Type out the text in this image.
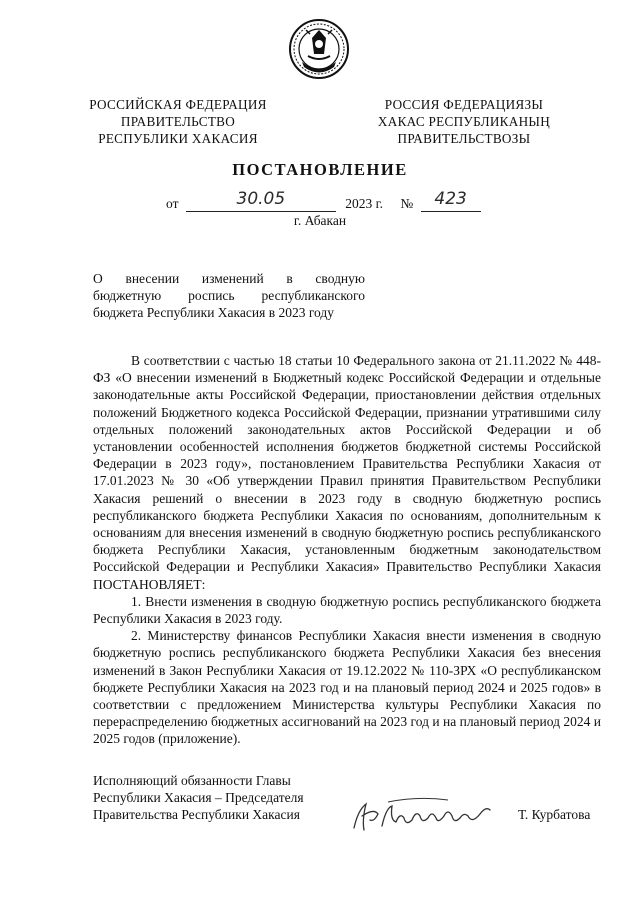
РОССИЙСКАЯ ФЕДЕРАЦИЯ
ПРАВИТЕЛЬСТВО
РЕСПУБЛИКИ ХАКАСИЯ
РОССИЯ ФЕДЕРАЦИЯЗЫ
ХАКАС РЕСПУБЛИКАНЫҢ
ПРАВИТЕЛЬСТВОЗЫ
ПОСТАНОВЛЕНИЕ
от	30.05	2023 г. № 423
г. Абакан
О внесении изменений в сводную
бюджетную роспись республиканского
бюджета Республики Хакасия в 2023 году

В соответствии с частью 18 статьи 10 Федерального закона от 21.11.2022 № 448-ФЗ «О внесении изменений в Бюджетный кодекс Российской Федерации и отдельные законодательные акты Российской Федерации, приостановлении действия отдельных положений Бюджетного кодекса Российской Федерации, признании утратившими силу отдельных положений законодательных актов Российской Федерации и об установлении особенностей исполнения бюджетов бюджетной системы Российской Федерации в 2023 году», постановлением Правительства Республики Хакасия от 17.01.2023 № 30 «Об утверждении Правил принятия Правительством Республики Хакасия решений о внесении в 2023 году в сводную бюджетную роспись республиканского бюджета Республики Хакасия по основаниям, дополнительным к основаниям для внесения изменений в сводную бюджетную роспись республиканского бюджета Республики Хакасия, установленным бюджетным законодательством Российской Федерации и Республики Хакасия» Правительство Республики Хакасия ПОСТАНОВЛЯЕТ:

1. Внести изменения в сводную бюджетную роспись республиканского бюджета Республики Хакасия в 2023 году.

2. Министерству финансов Республики Хакасия внести изменения в сводную бюджетную роспись республиканского бюджета Республики Хакасия без внесения изменений в Закон Республики Хакасия от 19.12.2022 № 110-ЗРХ «О республиканском бюджете Республики Хакасия на 2023 год и на плановый период 2024 и 2025 годов» в соответствии с предложением Министерства культуры Республики Хакасия по перераспределению бюджетных ассигнований на 2023 год и на плановый период 2024 и 2025 годов (приложение).

Исполняющий обязанности Главы
Республики Хакасия – Председателя
Правительства Республики Хакасия	Т. Курбатова
